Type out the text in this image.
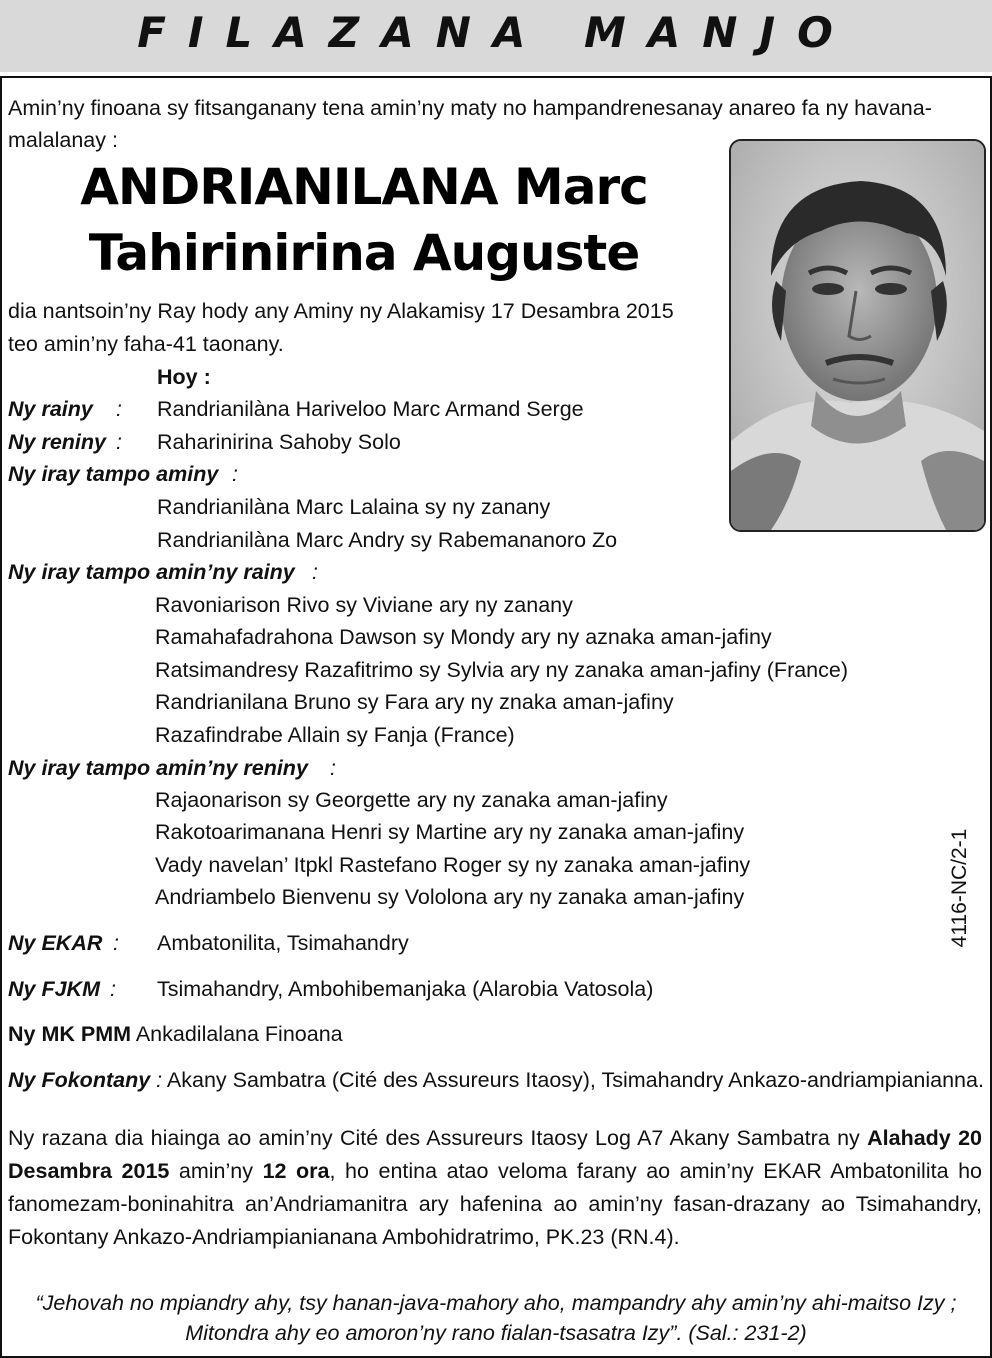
FILAZANA MANJO
Amin’ny finoana sy fitsanganany tena amin’ny maty no hampandrenesanay anareo fa ny havana-
malalanay :
ANDRIANILANA Marc
Tahirinirina Auguste
dia nantsoin’ny Ray hody any Aminy ny Alakamisy 17 Desambra 2015
teo amin’ny faha-41 taonany.
Hoy :
Ny rainy : Randrianilàna Hariveloo Marc Armand Serge
Ny reniny : Raharinirina Sahoby Solo
Ny iray tampo aminy :
Randrianilàna Marc Lalaina sy ny zanany
Randrianilàna Marc Andry sy Rabemananoro Zo
Ny iray tampo amin’ny rainy :
Ravoniarison Rivo sy Viviane ary ny zanany
Ramahafadrahona Dawson sy Mondy ary ny aznaka aman-jafiny
Ratsimandresy Razafitrimo sy Sylvia ary ny zanaka aman-jafiny (France)
Randrianilana Bruno sy Fara ary ny znaka aman-jafiny
Razafindrabe Allain sy Fanja (France)
Ny iray tampo amin’ny reniny :
Rajaonarison sy Georgette ary ny zanaka aman-jafiny
Rakotoarimanana Henri sy Martine ary ny zanaka aman-jafiny
Vady navelan’ Itpkl Rastefano Roger sy ny zanaka aman-jafiny
Andriambelo Bienvenu sy Vololona ary ny zanaka aman-jafiny
Ny EKAR : Ambatonilita, Tsimahandry
Ny FJKM : Tsimahandry, Ambohibemanjaka (Alarobia Vatosola)
Ny MK PMM Ankadilalana Finoana
Ny Fokontany : Akany Sambatra (Cité des Assureurs Itaosy), Tsimahandry Ankazo-andriampianianna.
Ny razana dia hiainga ao amin’ny Cité des Assureurs Itaosy Log A7 Akany Sambatra ny Alahady 20 Desambra 2015 amin’ny 12 ora, ho entina atao veloma farany ao amin’ny EKAR Ambatonilita ho fanomezam-boninahitra an’Andriamanitra ary hafenina ao amin’ny fasan-drazany ao Tsimahandry, Fokontany Ankazo-Andriampianianana Ambohidratrimo, PK.23 (RN.4).
“Jehovah no mpiandry ahy, tsy hanan-java-mahory aho, mampandry ahy amin’ny ahi-maitso Izy ;
Mitondra ahy eo amoron’ny rano fialan-tsasatra Izy”. (Sal.: 231-2)
4116-NC/2-1
